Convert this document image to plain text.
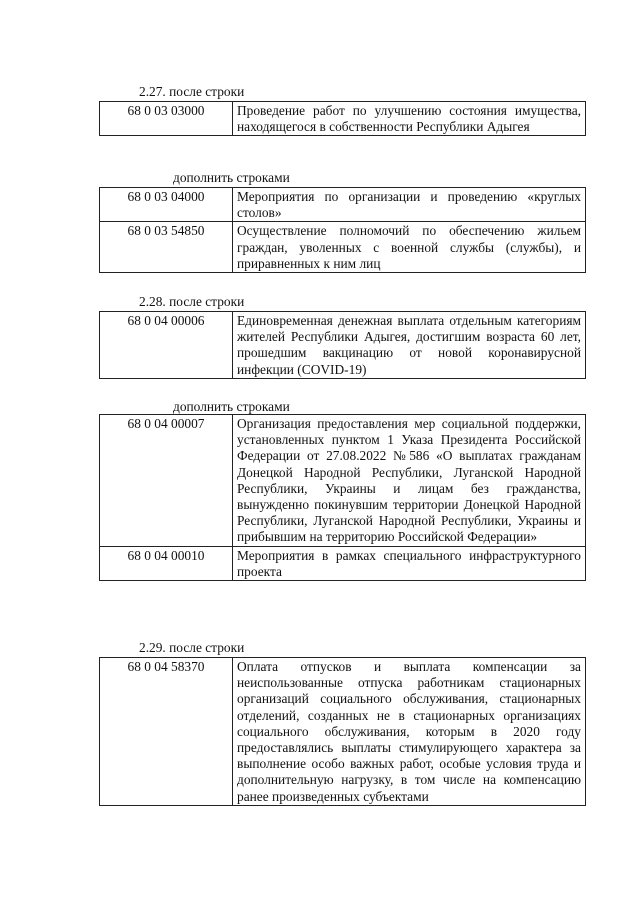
2.27. после строки
68 0 03 03000	Проведение работ по улучшению состояния имущества, находящегося в собственности Республики Адыгея
дополнить строками
68 0 03 04000	Мероприятия по организации и проведению «круглых столов»
68 0 03 54850	Осуществление полномочий по обеспечению жильем граждан, уволенных с военной службы (службы), и приравненных к ним лиц
2.28. после строки
68 0 04 00006	Единовременная денежная выплата отдельным категориям жителей Республики Адыгея, достигшим возраста 60 лет, прошедшим вакцинацию от новой коронавирусной инфекции (COVID-19)
дополнить строками
68 0 04 00007	Организация предоставления мер социальной поддержки, установленных пунктом 1 Указа Президента Российской Федерации от 27.08.2022 №586 «О выплатах гражданам Донецкой Народной Республики, Луганской Народной Республики, Украины и лицам без гражданства, вынужденно покинувшим территории Донецкой Народной Республики, Луганской Народной Республики, Украины и прибывшим на территорию Российской Федерации»
68 0 04 00010	Мероприятия в рамках специального инфраструктурного проекта
2.29. после строки
68 0 04 58370	Оплата отпусков и выплата компенсации за неиспользованные отпуска работникам стационарных организаций социального обслуживания, стационарных отделений, созданных не в стационарных организациях социального обслуживания, которым в 2020 году предоставлялись выплаты стимулирующего характера за выполнение особо важных работ, особые условия труда и дополнительную нагрузку, в том числе на компенсацию ранее произведенных субъектами
